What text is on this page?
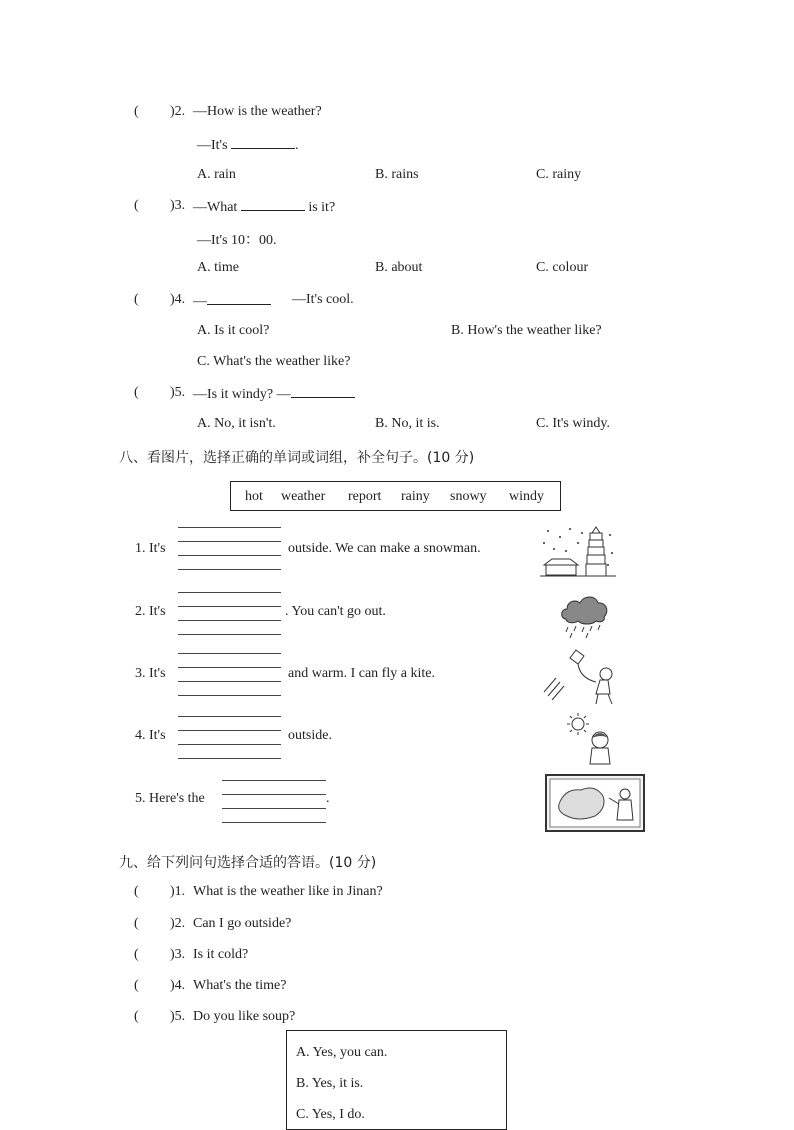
( )2. —How is the weather?
—It's	.
A. rain	B. rains	C. rainy
( )3. —What	is it?
—It's 10：00.
A. time	B. about	C. colour
( )4. —	—It's cool.
A. Is it cool?	B. How's the weather like?
C. What's the weather like?
( )5. —Is it windy? —
A. No, it isn't.	B. No, it is.	C. It's windy.
八、看图片，选择正确的单词或词组，补全句子。(10 分)
hot weather report rainy snowy windy
1. It's	outside. We can make a snowman.
2. It's	. You can't go out.
3. It's	and warm. I can fly a kite.
4. It's	outside.
5. Here's the	.
九、给下列问句选择合适的答语。(10 分)
( )1. What is the weather like in Jinan?
( )2. Can I go outside?
( )3. Is it cold?
( )4. What's the time?
( )5. Do you like soup?
A. Yes, you can.
B. Yes, it is.
C. Yes, I do.
